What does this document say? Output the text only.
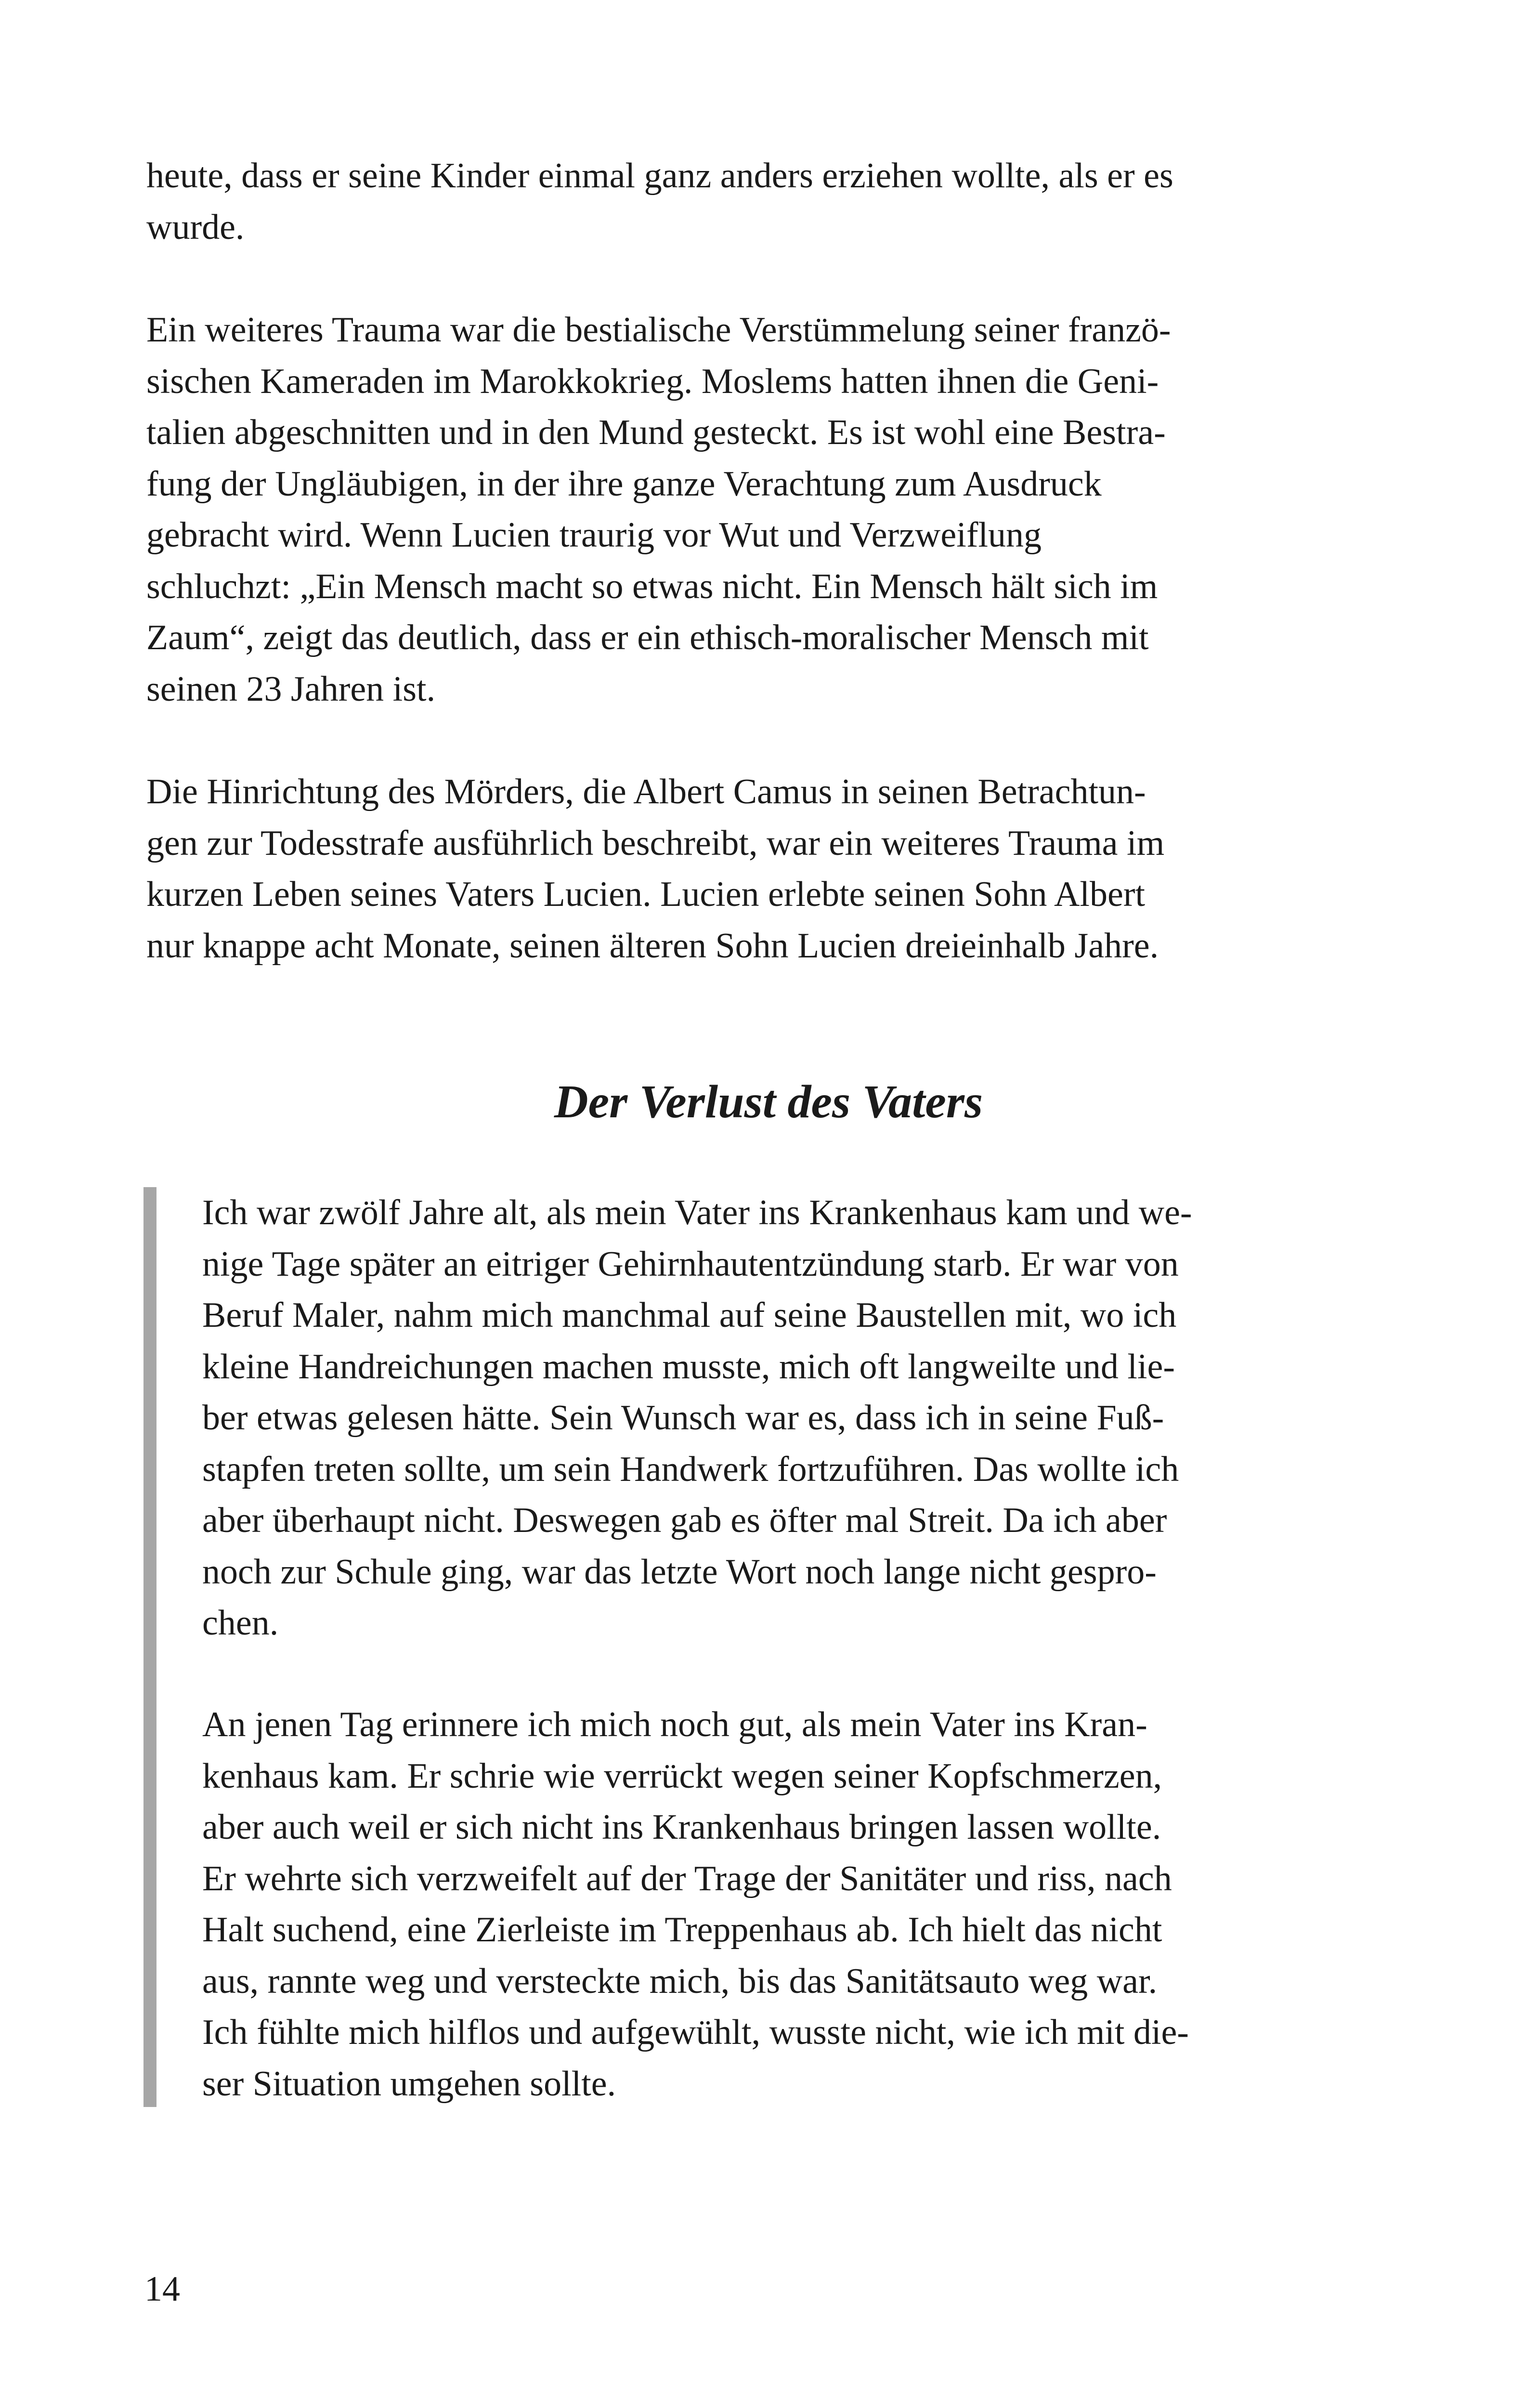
heute, dass er seine Kinder einmal ganz anders erziehen wollte, als er es
wurde.

Ein weiteres Trauma war die bestialische Verstümmelung seiner franzö-
sischen Kameraden im Marokkokrieg. Moslems hatten ihnen die Geni-
talien abgeschnitten und in den Mund gesteckt. Es ist wohl eine Bestra-
fung der Ungläubigen, in der ihre ganze Verachtung zum Ausdruck
gebracht wird. Wenn Lucien traurig vor Wut und Verzweiflung
schluchzt: „Ein Mensch macht so etwas nicht. Ein Mensch hält sich im
Zaum“, zeigt das deutlich, dass er ein ethisch-moralischer Mensch mit
seinen 23 Jahren ist.

Die Hinrichtung des Mörders, die Albert Camus in seinen Betrachtun-
gen zur Todesstrafe ausführlich beschreibt, war ein weiteres Trauma im
kurzen Leben seines Vaters Lucien. Lucien erlebte seinen Sohn Albert
nur knappe acht Monate, seinen älteren Sohn Lucien dreieinhalb Jahre.

Der Verlust des Vaters

Ich war zwölf Jahre alt, als mein Vater ins Krankenhaus kam und we-
nige Tage später an eitriger Gehirnhautentzündung starb. Er war von
Beruf Maler, nahm mich manchmal auf seine Baustellen mit, wo ich
kleine Handreichungen machen musste, mich oft langweilte und lie-
ber etwas gelesen hätte. Sein Wunsch war es, dass ich in seine Fuß-
stapfen treten sollte, um sein Handwerk fortzuführen. Das wollte ich
aber überhaupt nicht. Deswegen gab es öfter mal Streit. Da ich aber
noch zur Schule ging, war das letzte Wort noch lange nicht gespro-
chen.

An jenen Tag erinnere ich mich noch gut, als mein Vater ins Kran-
kenhaus kam. Er schrie wie verrückt wegen seiner Kopfschmerzen,
aber auch weil er sich nicht ins Krankenhaus bringen lassen wollte.
Er wehrte sich verzweifelt auf der Trage der Sanitäter und riss, nach
Halt suchend, eine Zierleiste im Treppenhaus ab. Ich hielt das nicht
aus, rannte weg und versteckte mich, bis das Sanitätsauto weg war.
Ich fühlte mich hilflos und aufgewühlt, wusste nicht, wie ich mit die-
ser Situation umgehen sollte.

14
